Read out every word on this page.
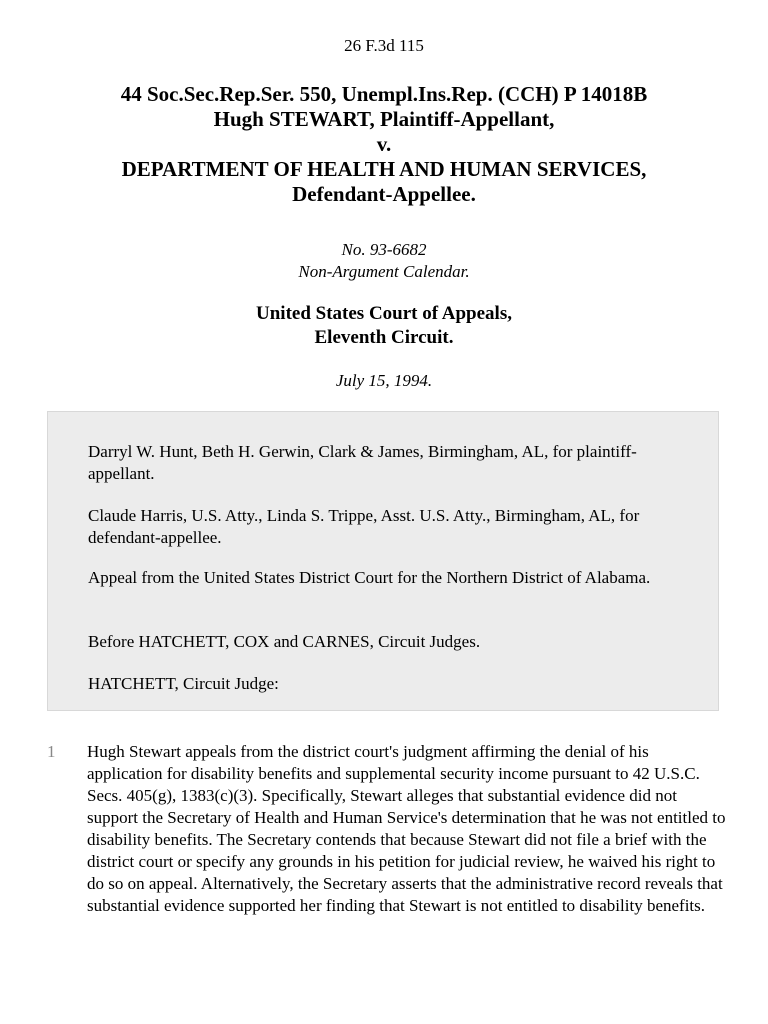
26 F.3d 115
44 Soc.Sec.Rep.Ser. 550, Unempl.Ins.Rep. (CCH) P 14018B
Hugh STEWART, Plaintiff-Appellant,
v.
DEPARTMENT OF HEALTH AND HUMAN SERVICES,
Defendant-Appellee.
No. 93-6682
Non-Argument Calendar.
United States Court of Appeals,
Eleventh Circuit.
July 15, 1994.

Darryl W. Hunt, Beth H. Gerwin, Clark & James, Birmingham, AL, for plaintiff-appellant.

Claude Harris, U.S. Atty., Linda S. Trippe, Asst. U.S. Atty., Birmingham, AL, for defendant-appellee.

Appeal from the United States District Court for the Northern District of Alabama.

Before HATCHETT, COX and CARNES, Circuit Judges.

HATCHETT, Circuit Judge:

1	Hugh Stewart appeals from the district court's judgment affirming the denial of his application for disability benefits and supplemental security income pursuant to 42 U.S.C. Secs. 405(g), 1383(c)(3). Specifically, Stewart alleges that substantial evidence did not support the Secretary of Health and Human Service's determination that he was not entitled to disability benefits. The Secretary contends that because Stewart did not file a brief with the district court or specify any grounds in his petition for judicial review, he waived his right to do so on appeal. Alternatively, the Secretary asserts that the administrative record reveals that substantial evidence supported her finding that Stewart is not entitled to disability benefits.
